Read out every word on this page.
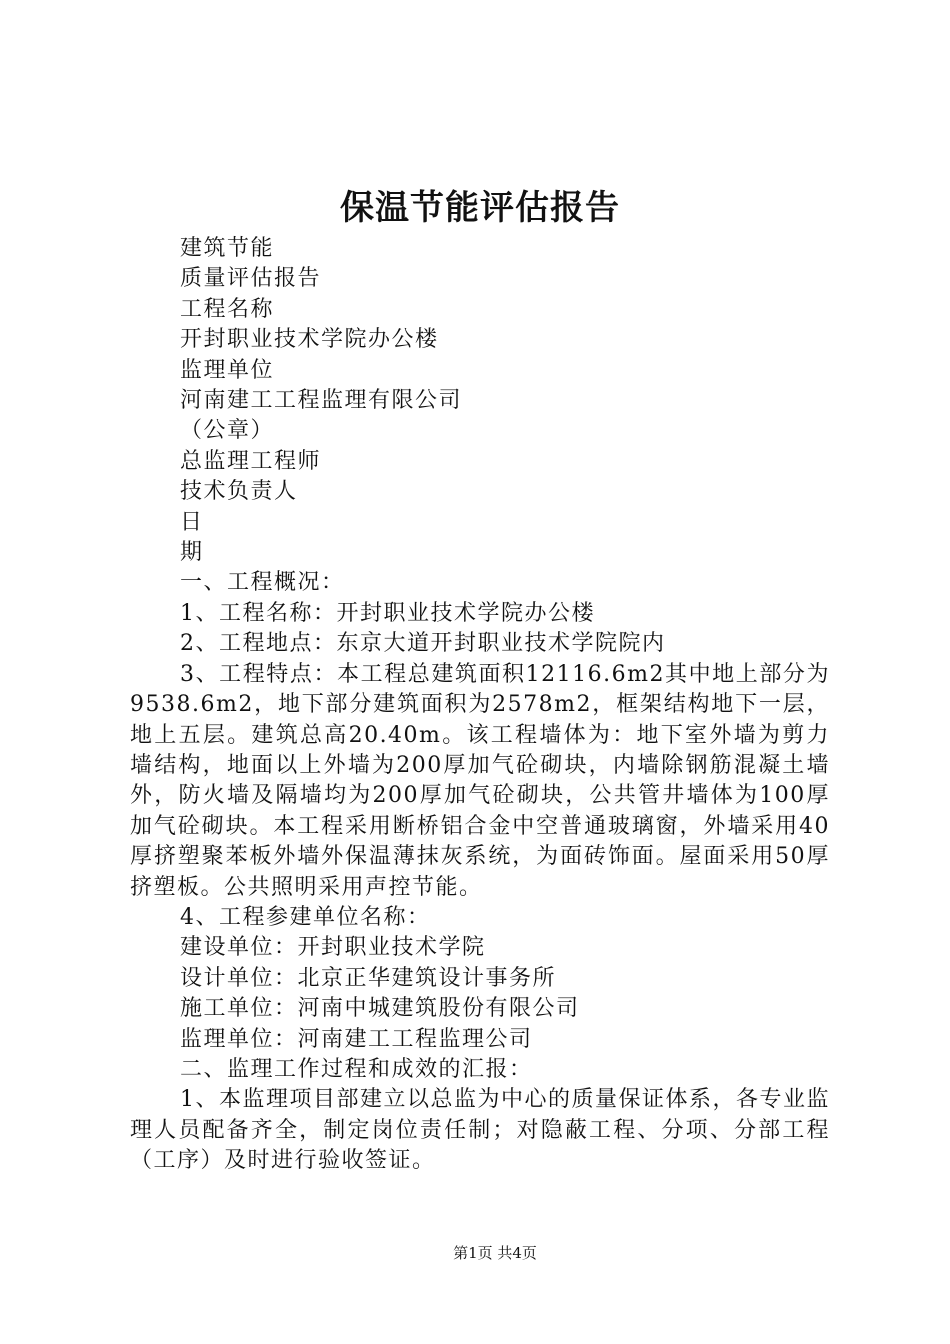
保温节能评估报告

建筑节能

质量评估报告

工程名称

开封职业技术学院办公楼

监理单位

河南建工工程监理有限公司

（公章）

总监理工程师

技术负责人

日

期

一、工程概况：

1、工程名称：开封职业技术学院办公楼

2、工程地点：东京大道开封职业技术学院院内

3、工程特点：本工程总建筑面积12116.6m2其中地上部分为9538.6m2，地下部分建筑面积为2578m2，框架结构地下一层，地上五层。建筑总高20.40m。该工程墙体为：地下室外墙为剪力墙结构，地面以上外墙为200厚加气砼砌块，内墙除钢筋混凝土墙外，防火墙及隔墙均为200厚加气砼砌块，公共管井墙体为100厚加气砼砌块。本工程采用断桥铝合金中空普通玻璃窗，外墙采用40厚挤塑聚苯板外墙外保温薄抹灰系统，为面砖饰面。屋面采用50厚挤塑板。公共照明采用声控节能。

4、工程参建单位名称：

建设单位：开封职业技术学院

设计单位：北京正华建筑设计事务所

施工单位：河南中城建筑股份有限公司

监理单位：河南建工工程监理公司

二、监理工作过程和成效的汇报：

1、本监理项目部建立以总监为中心的质量保证体系，各专业监理人员配备齐全，制定岗位责任制；对隐蔽工程、分项、分部工程（工序）及时进行验收签证。

第1页 共4页
